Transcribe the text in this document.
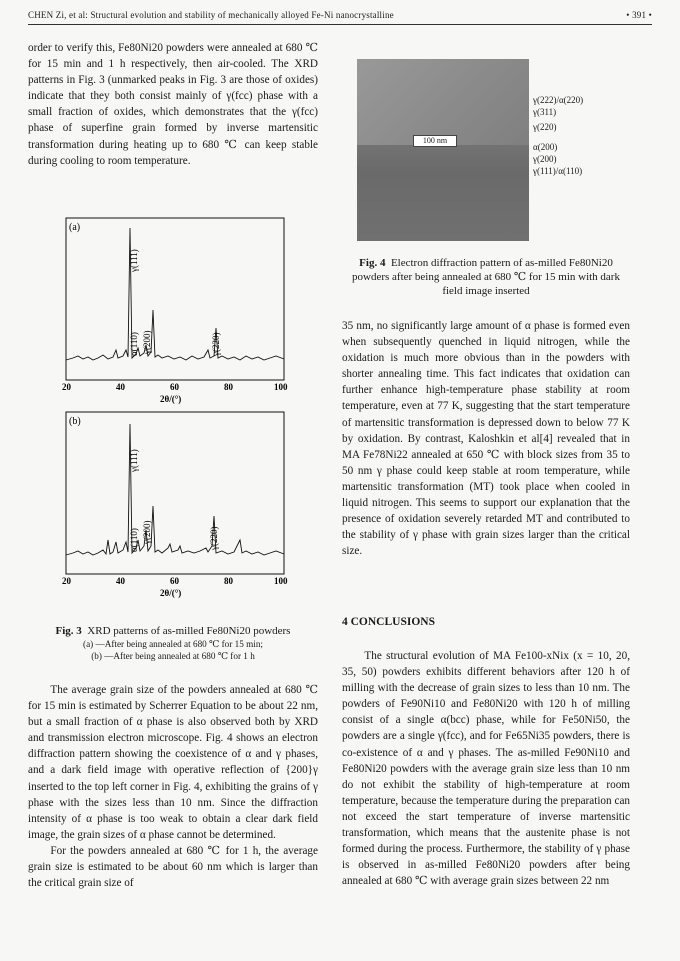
CHEN Zi, et al: Structural evolution and stability of mechanically alloyed Fe-Ni nanocrystalline	• 391 •

order to verify this, Fe80Ni20 powders were annealed at 680 ℃ for 15 min and 1 h respectively, then air-cooled. The XRD patterns in Fig. 3 (unmarked peaks in Fig. 3 are those of oxides) indicate that they both consist mainly of γ(fcc) phase with a small fraction of oxides, which demonstrates that the γ(fcc) phase of superfine grain formed by inverse martensitic transformation during heating up to 680 ℃ can keep stable during cooling to room temperature.

(a)
γ(111)
α(110) γ(200)	γ(220)
20	40	60	80	100
2θ/(°)
(b)
γ(111)
α(110) γ(200)	γ(220)
20	40	60	80	100
2θ/(°)
Fig. 3 XRD patterns of as-milled Fe80Ni20 powders
(a) —After being annealed at 680 ℃ for 15 min;
(b) —After being annealed at 680 ℃ for 1 h

The average grain size of the powders annealed at 680 ℃ for 15 min is estimated by Scherrer Equation to be about 22 nm, but a small fraction of α phase is also observed both by XRD and transmission electron microscope. Fig. 4 shows an electron diffraction pattern showing the coexistence of α and γ phases, and a dark field image with operative reflection of {200}γ inserted to the top left corner in Fig. 4, exhibiting the grains of γ phase with the sizes less than 10 nm. Since the diffraction intensity of α phase is too weak to obtain a clear dark field image, the grain sizes of α phase cannot be determined.

For the powders annealed at 680 ℃ for 1 h, the average grain size is estimated to be about 60 nm which is larger than the critical grain size of

100 nm
γ(222)/α(220)
γ(311)
γ(220)
α(200)
γ(200)
γ(111)/α(110)
Fig. 4 Electron diffraction pattern of as-milled Fe80Ni20 powders after being annealed at 680 ℃ for 15 min with dark field image inserted

35 nm, no significantly large amount of α phase is formed even when subsequently quenched in liquid nitrogen, while the oxidation is much more obvious than in the powders with shorter annealing time. This fact indicates that oxidation can further enhance high-temperature phase stability at room temperature, even at 77 K, suggesting that the start temperature of martensitic transformation is depressed down to below 77 K by oxidation. By contrast, Kaloshkin et al[4] revealed that in MA Fe78Ni22 annealed at 650 ℃ with block sizes from 35 to 50 nm γ phase could keep stable at room temperature, while martensitic transformation (MT) took place when cooled in liquid nitrogen. This seems to support our explanation that the presence of oxidation severely retarded MT and contributed to the stability of γ phase with grain sizes larger than the critical size.

4 CONCLUSIONS

The structural evolution of MA Fe100-xNix (x = 10, 20, 35, 50) powders exhibits different behaviors after 120 h of milling with the decrease of grain sizes to less than 10 nm. The powders of Fe90Ni10 and Fe80Ni20 with 120 h of milling consist of a single α(bcc) phase, while for Fe50Ni50, the powders are a single γ(fcc), and for Fe65Ni35 powders, there is co-existence of α and γ phases. The as-milled Fe90Ni10 and Fe80Ni20 powders with the average grain size less than 10 nm do not exhibit the stability of high-temperature at room temperature, because the temperature during the preparation can not exceed the start temperature of inverse martensitic transformation, which means that the austenite phase is not formed during the process. Furthermore, the stability of γ phase is observed in as-milled Fe80Ni20 powders after being annealed at 680 ℃ with average grain sizes between 22 nm
